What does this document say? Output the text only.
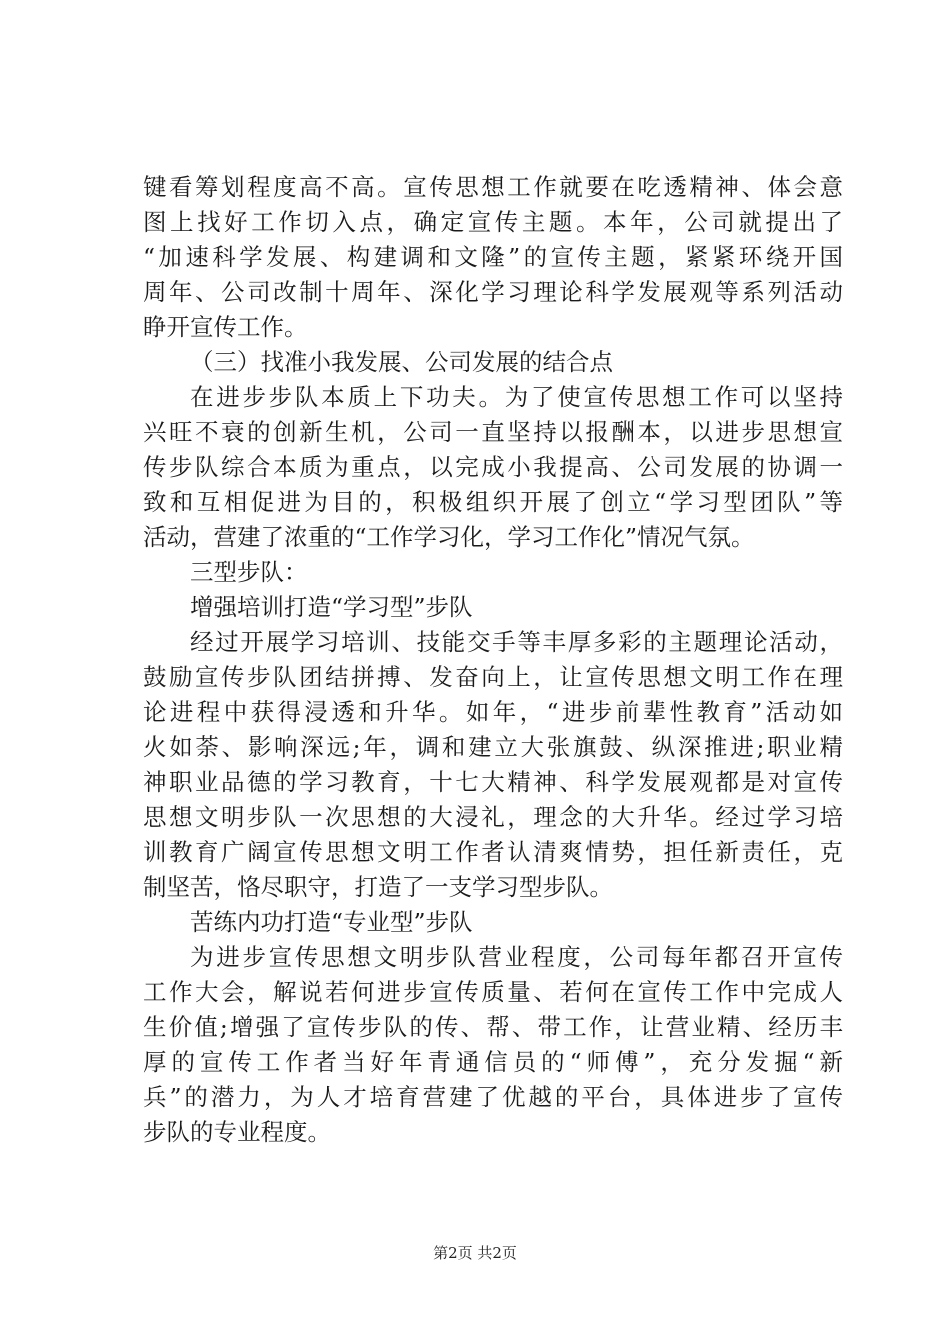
键看筹划程度高不高。宣传思想工作就要在吃透精神、体会意
图上找好工作切入点，确定宣传主题。本年，公司就提出了
“加速科学发展、构建调和文隆”的宣传主题，紧紧环绕开国
周年、公司改制十周年、深化学习理论科学发展观等系列活动
睁开宣传工作。
（三）找准小我发展、公司发展的结合点
在进步步队本质上下功夫。为了使宣传思想工作可以坚持
兴旺不衰的创新生机，公司一直坚持以报酬本，以进步思想宣
传步队综合本质为重点，以完成小我提高、公司发展的协调一
致和互相促进为目的，积极组织开展了创立“学习型团队”等
活动，营建了浓重的“工作学习化，学习工作化”情况气氛。
三型步队：
增强培训打造“学习型”步队
经过开展学习培训、技能交手等丰厚多彩的主题理论活动，
鼓励宣传步队团结拼搏、发奋向上，让宣传思想文明工作在理
论进程中获得浸透和升华。如年，“进步前辈性教育”活动如
火如荼、影响深远;年，调和建立大张旗鼓、纵深推进;职业精
神职业品德的学习教育，十七大精神、科学发展观都是对宣传
思想文明步队一次思想的大浸礼，理念的大升华。经过学习培
训教育广阔宣传思想文明工作者认清爽情势，担任新责任，克
制坚苦，恪尽职守，打造了一支学习型步队。
苦练内功打造“专业型”步队
为进步宣传思想文明步队营业程度，公司每年都召开宣传
工作大会，解说若何进步宣传质量、若何在宣传工作中完成人
生价值;增强了宣传步队的传、帮、带工作，让营业精、经历丰
厚的宣传工作者当好年青通信员的“师傅”，充分发掘“新
兵”的潜力，为人才培育营建了优越的平台，具体进步了宣传
步队的专业程度。
第2页 共2页
